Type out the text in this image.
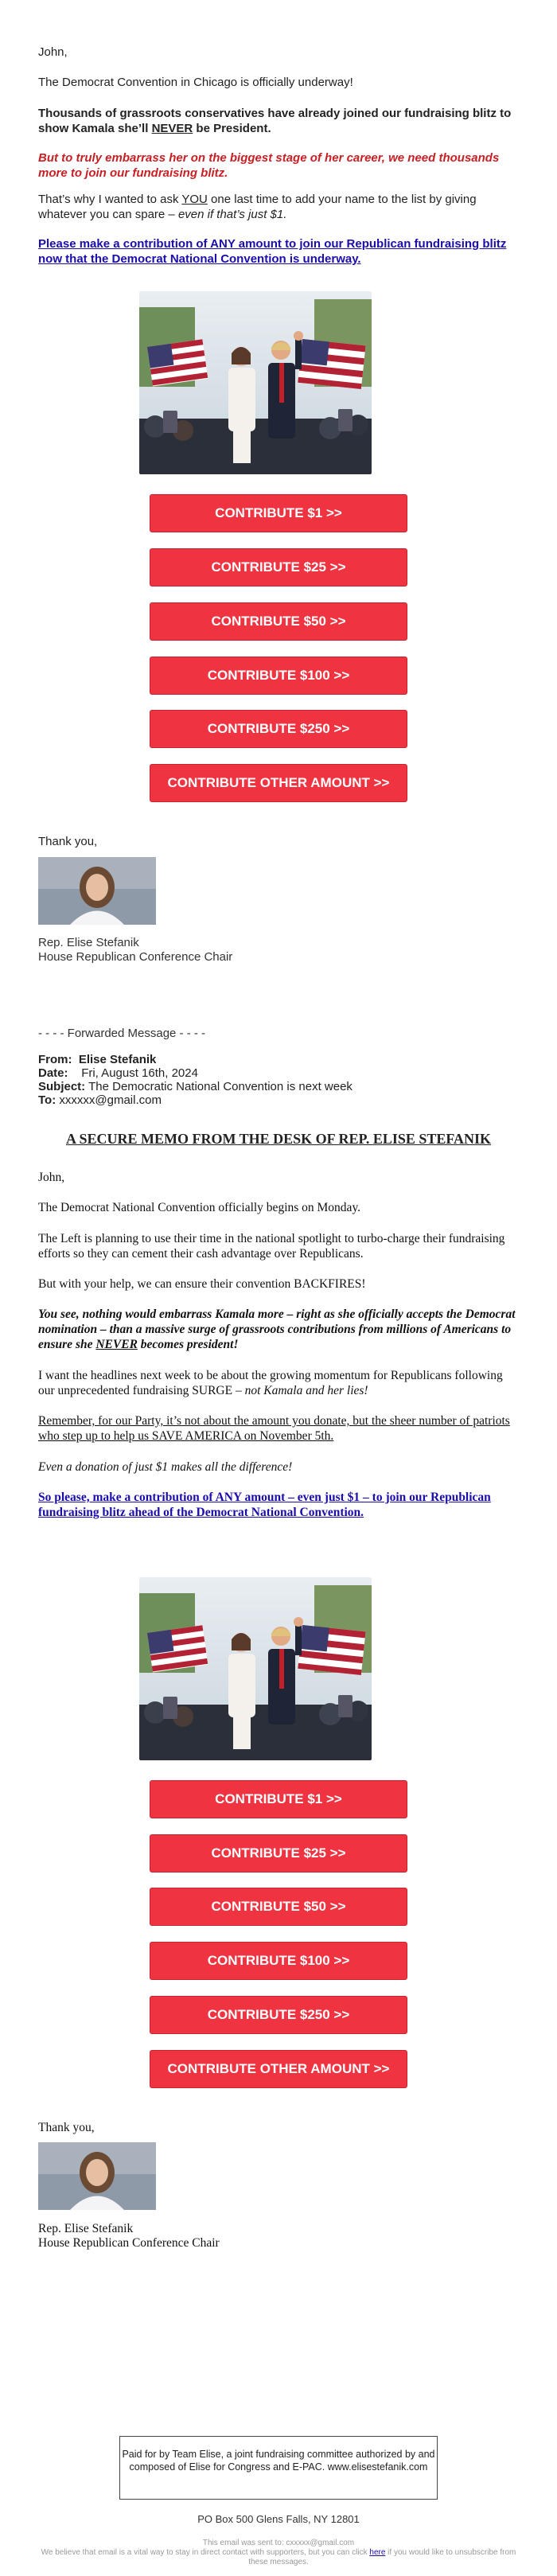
John,

The Democrat Convention in Chicago is officially underway!

Thousands of grassroots conservatives have already joined our fundraising blitz to show Kamala she’ll NEVER be President.

But to truly embarrass her on the biggest stage of her career, we need thousands more to join our fundraising blitz.

That’s why I wanted to ask YOU one last time to add your name to the list by giving whatever you can spare – even if that’s just $1.

Please make a contribution of ANY amount to join our Republican fundraising blitz now that the Democrat National Convention is underway.

CONTRIBUTE $1 >>
CONTRIBUTE $25 >>
CONTRIBUTE $50 >>
CONTRIBUTE $100 >>
CONTRIBUTE $250 >>
CONTRIBUTE OTHER AMOUNT >>

Thank you,

Rep. Elise Stefanik

House Republican Conference Chair

- - - - Forwarded Message - - - -

From: Elise Stefanik

Date: Fri, August 16th, 2024

Subject: The Democratic National Convention is next week

To: xxxxxx@gmail.com

A SECURE MEMO FROM THE DESK OF REP. ELISE STEFANIK

John,

The Democrat National Convention officially begins on Monday.

The Left is planning to use their time in the national spotlight to turbo-charge their fundraising efforts so they can cement their cash advantage over Republicans.

But with your help, we can ensure their convention BACKFIRES!

You see, nothing would embarrass Kamala more – right as she officially accepts the Democrat nomination – than a massive surge of grassroots contributions from millions of Americans to ensure she NEVER becomes president!

I want the headlines next week to be about the growing momentum for Republicans following our unprecedented fundraising SURGE – not Kamala and her lies!

Remember, for our Party, it’s not about the amount you donate, but the sheer number of patriots who step up to help us SAVE AMERICA on November 5th.

Even a donation of just $1 makes all the difference!

So please, make a contribution of ANY amount – even just $1 – to join our Republican fundraising blitz ahead of the Democrat National Convention.

CONTRIBUTE $1 >>
CONTRIBUTE $25 >>
CONTRIBUTE $50 >>
CONTRIBUTE $100 >>
CONTRIBUTE $250 >>
CONTRIBUTE OTHER AMOUNT >>

Thank you,

Rep. Elise Stefanik

House Republican Conference Chair

Paid for by Team Elise, a joint fundraising committee authorized by and composed of Elise for Congress and E-PAC. www.elisestefanik.com

PO Box 500 Glens Falls, NY 12801

This email was sent to: cxxxxx@gmail.com

We believe that email is a vital way to stay in direct contact with supporters, but you can click here if you would like to unsubscribe from these messages.
